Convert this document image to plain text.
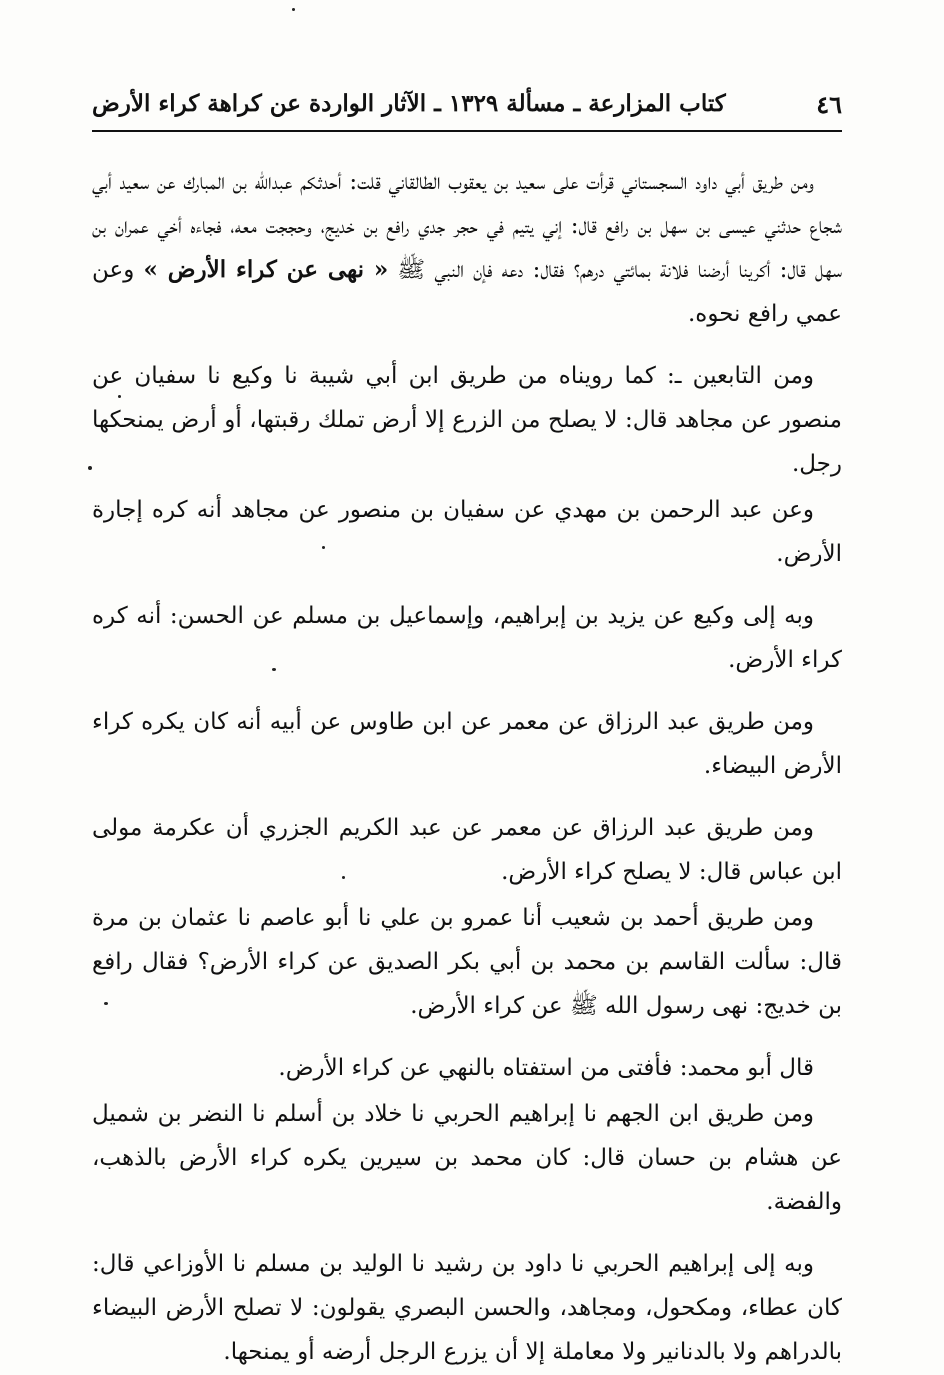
٤٦
كتاب المزارعة ـ مسألة ١٣٢٩ ـ الآثار الواردة عن كراهة كراء الأرض

ومن طريق أبي داود السجستاني قرأت على سعيد بن يعقوب الطالقاني قلت: أحدثكم عبدالله بن المبارك عن سعيد أبي شجاع حدثني عيسى بن سهل بن رافع قال: إني يتيم في حجر جدي رافع بن خديج، وحججت معه، فجاءه أخي عمران بن سهل قال: أكرينا أرضنا فلانة بمائتي درهم؟ فقال: دعه فإن النبي ﷺ « نهى عن كراء الأرض » وعن عمي رافع نحوه.

ومن التابعين ـ: كما رويناه من طريق ابن أبي شيبة نا وكيع نا سفيان عن منصور عن مجاهد قال: لا يصلح من الزرع إلا أرض تملك رقبتها، أو أرض يمنحكها رجل.

وعن عبد الرحمن بن مهدي عن سفيان بن منصور عن مجاهد أنه كره إجارة الأرض.

وبه إلى وكيع عن يزيد بن إبراهيم، وإسماعيل بن مسلم عن الحسن: أنه كره كراء الأرض.

ومن طريق عبد الرزاق عن معمر عن ابن طاوس عن أبيه أنه كان يكره كراء الأرض البيضاء.

ومن طريق عبد الرزاق عن معمر عن عبد الكريم الجزري أن عكرمة مولى ابن عباس قال: لا يصلح كراء الأرض.

ومن طريق أحمد بن شعيب أنا عمرو بن علي نا أبو عاصم نا عثمان بن مرة قال: سألت القاسم بن محمد بن أبي بكر الصديق عن كراء الأرض؟ فقال رافع بن خديج: نهى رسول الله ﷺ عن كراء الأرض.

قال أبو محمد: فأفتى من استفتاه بالنهي عن كراء الأرض.

ومن طريق ابن الجهم نا إبراهيم الحربي نا خلاد بن أسلم نا النضر بن شميل عن هشام بن حسان قال: كان محمد بن سيرين يكره كراء الأرض بالذهب، والفضة.

وبه إلى إبراهيم الحربي نا داود بن رشيد نا الوليد بن مسلم نا الأوزاعي قال: كان عطاء، ومكحول، ومجاهد، والحسن البصري يقولون: لا تصلح الأرض البيضاء بالدراهم ولا بالدنانير ولا معاملة إلا أن يزرع الرجل أرضه أو يمنحها.
